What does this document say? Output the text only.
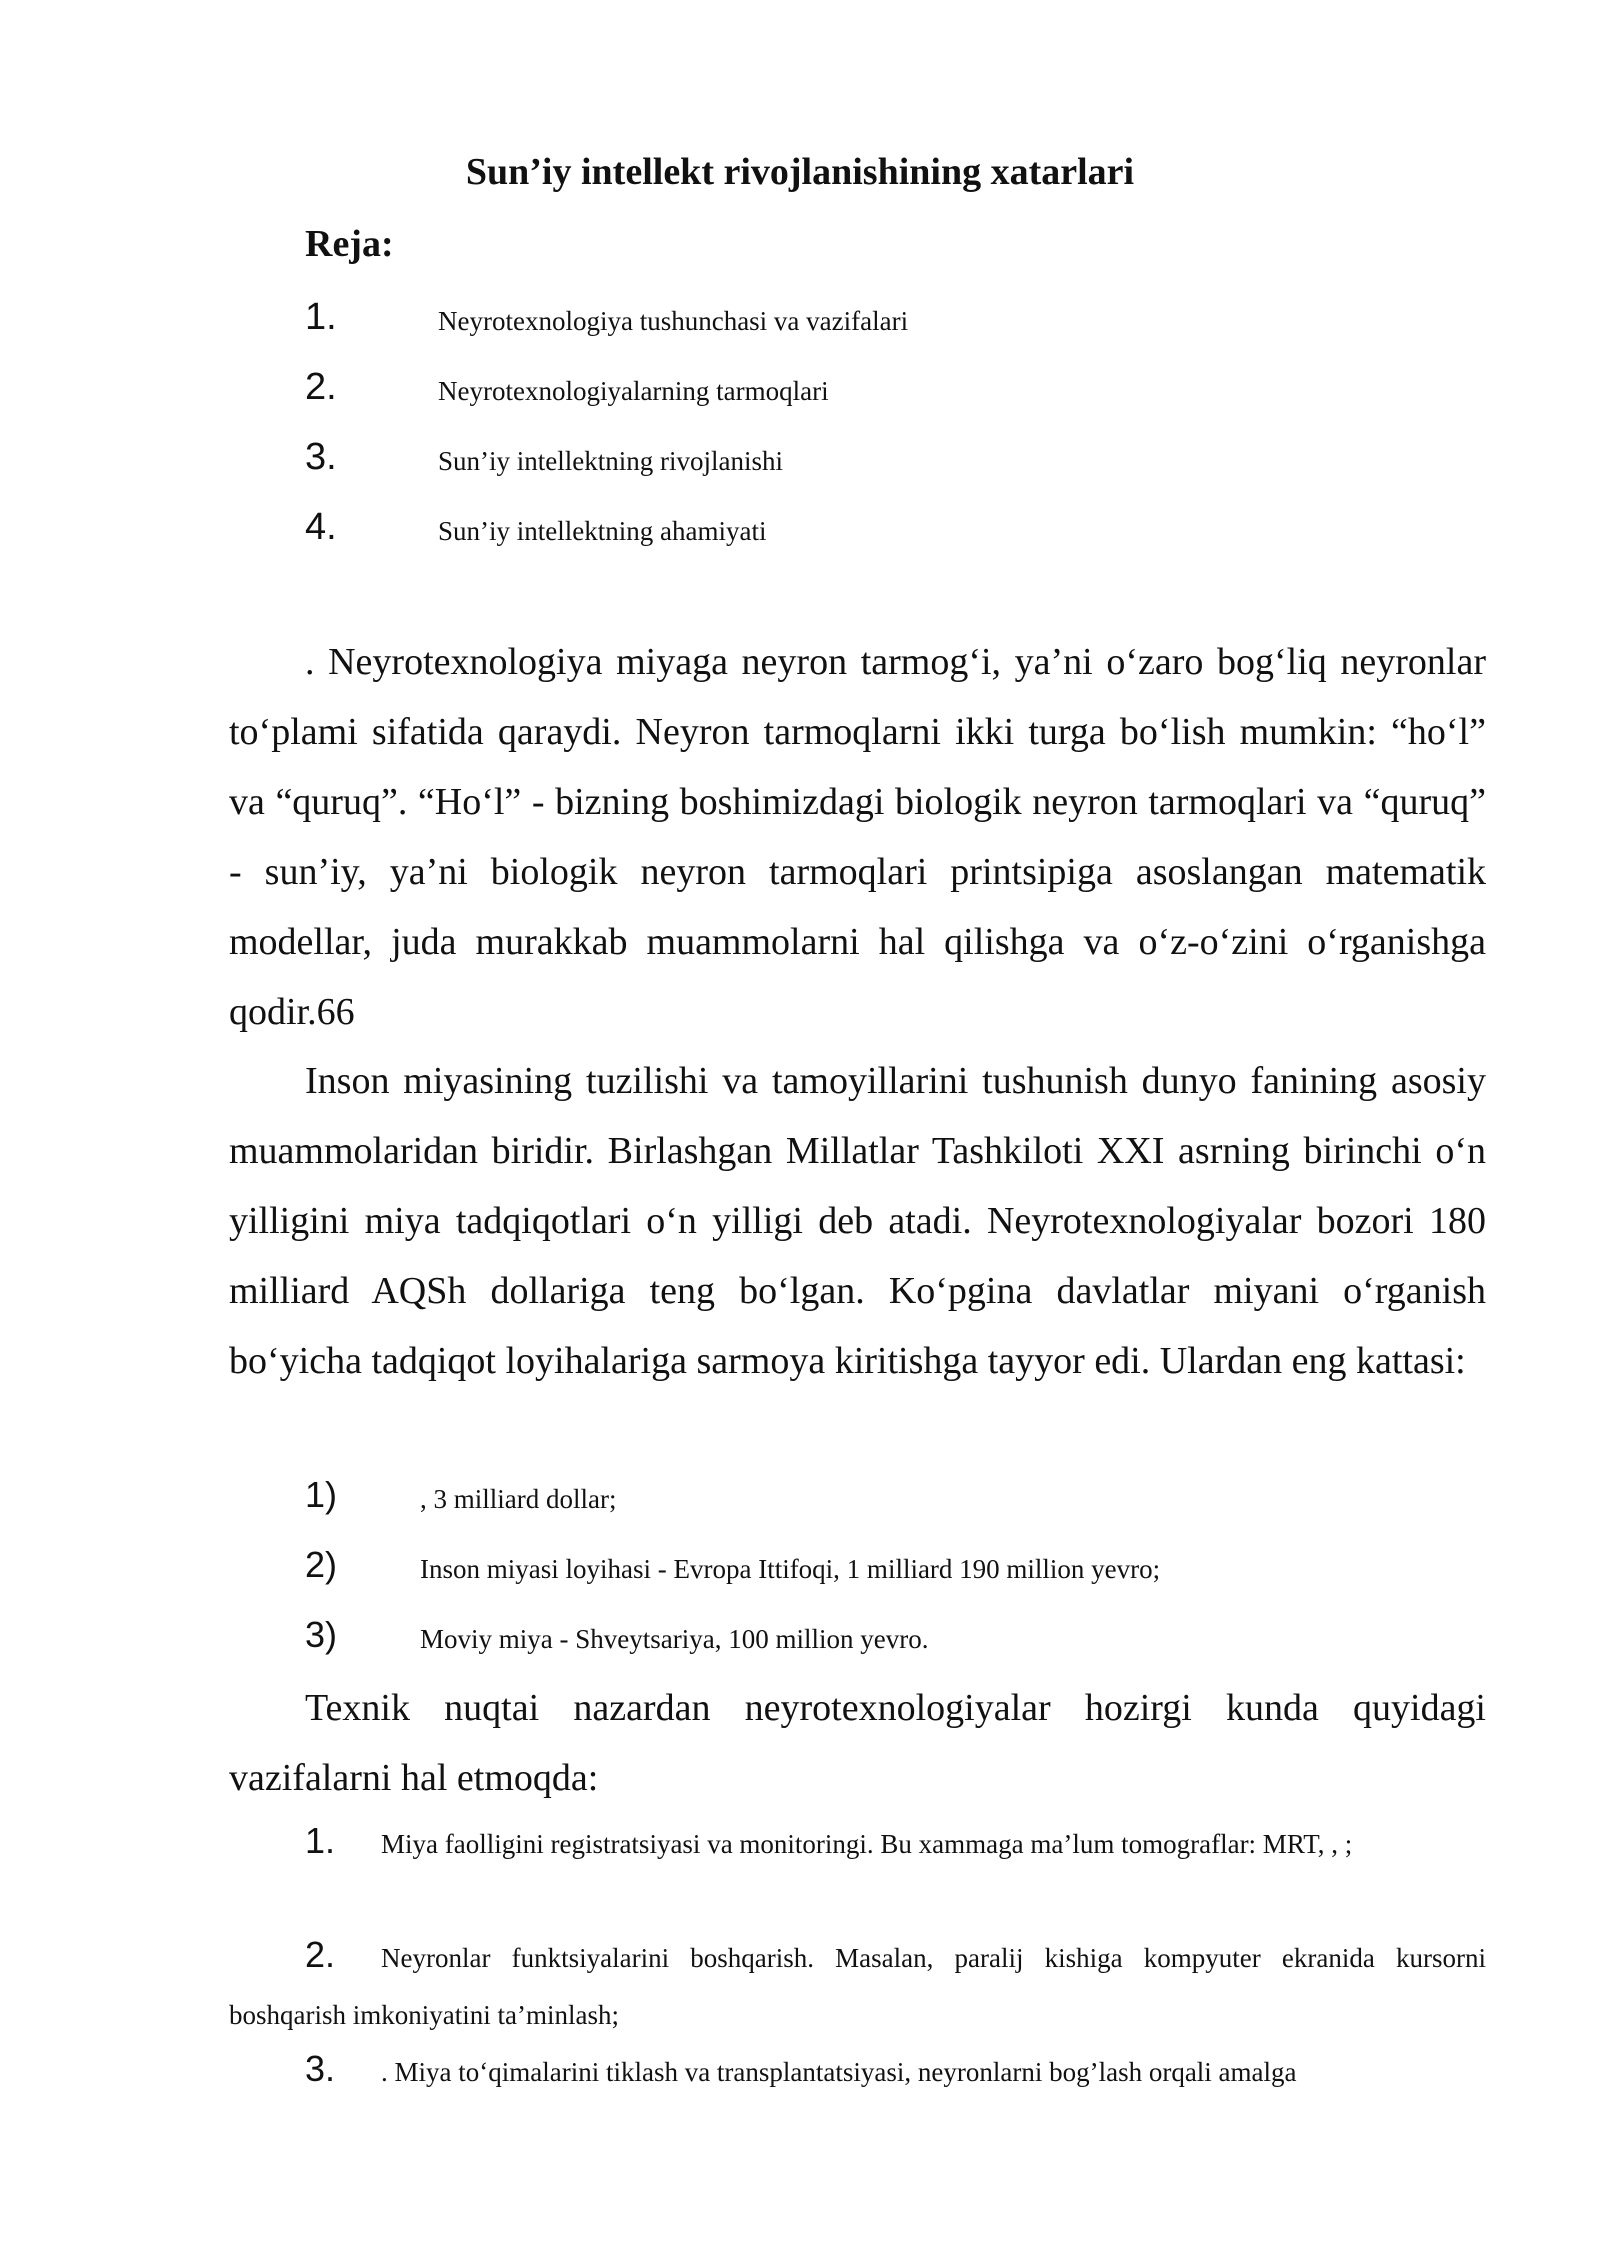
Sun’iy intellekt rivojlanishining xatarlari
Reja:
1.	Neyrotexnologiya tushunchasi va vazifalari
2.	Neyrotexnologiyalarning tarmoqlari
3.	Sun’iy intellektning rivojlanishi
4.	Sun’iy intellektning ahamiyati

. Neyrotexnologiya miyaga neyron tarmog‘i, ya’ni o‘zaro bog‘liq neyronlar to‘plami sifatida qaraydi. Neyron tarmoqlarni ikki turga bo‘lish mumkin: “ho‘l” va “quruq”. “Ho‘l” - bizning boshimizdagi biologik neyron tarmoqlari va “quruq” - sun’iy, ya’ni biologik neyron tarmoqlari printsipiga asoslangan matematik modellar, juda murakkab muammolarni hal qilishga va o‘z-o‘zini o‘rganishga qodir.66

Inson miyasining tuzilishi va tamoyillarini tushunish dunyo fanining asosiy muammolaridan biridir. Birlashgan Millatlar Tashkiloti XXI asrning birinchi o‘n yilligini miya tadqiqotlari o‘n yilligi deb atadi. Neyrotexnologiyalar bozori 180 milliard AQSh dollariga teng bo‘lgan. Ko‘pgina davlatlar miyani o‘rganish bo‘yicha tadqiqot loyihalariga sarmoya kiritishga tayyor edi. Ulardan eng kattasi:

1)	, 3 milliard dollar;
2)	Inson miyasi loyihasi - Evropa Ittifoqi, 1 milliard 190 million yevro;
3)	Moviy miya - Shveytsariya, 100 million yevro.

Texnik nuqtai nazardan neyrotexnologiyalar hozirgi kunda quyidagi vazifalarni hal etmoqda:

1. Miya faolligini registratsiyasi va monitoringi. Bu xammaga ma’lum tomograflar: MRT, , ;

2. Neyronlar funktsiyalarini boshqarish. Masalan, paralij kishiga kompyuter ekranida kursorni boshqarish imkoniyatini ta’minlash;

3. . Miya to‘qimalarini tiklash va transplantatsiyasi, neyronlarni bog’lash orqali amalga
